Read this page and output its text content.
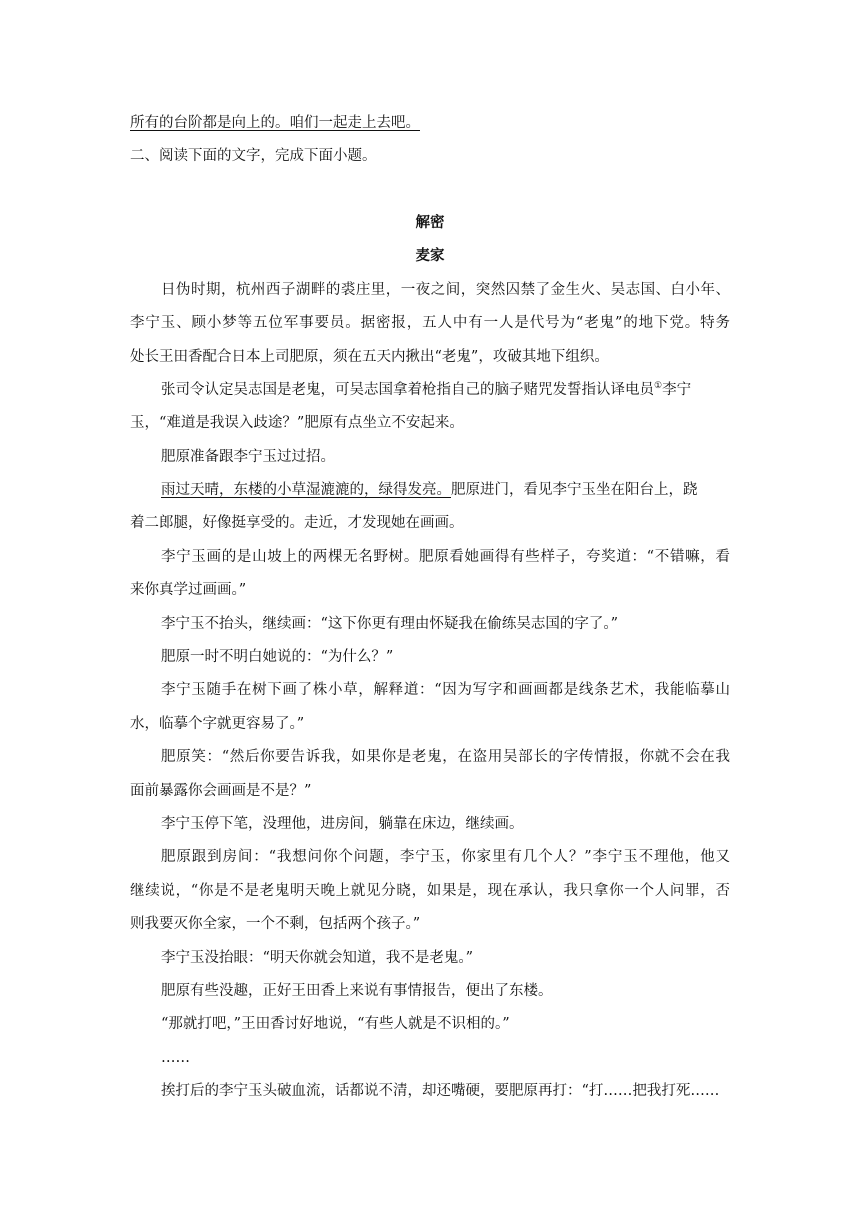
所有的台阶都是向上的。咱们一起走上去吧。
二、阅读下面的文字，完成下面小题。
解密
麦家
日伪时期，杭州西子湖畔的裘庄里，一夜之间，突然囚禁了金生火、吴志国、白小年、
李宁玉、顾小梦等五位军事要员。据密报，五人中有一人是代号为“老鬼”的地下党。特务
处长王田香配合日本上司肥原，须在五天内揪出“老鬼”，攻破其地下组织。
张司令认定吴志国是老鬼，可吴志国拿着枪指自己的脑子赌咒发誓指认译电员①李宁
玉，“难道是我误入歧途？”肥原有点坐立不安起来。
肥原准备跟李宁玉过过招。
雨过天晴，东楼的小草湿漉漉的，绿得发亮。肥原进门，看见李宁玉坐在阳台上，跷
着二郎腿，好像挺享受的。走近，才发现她在画画。
李宁玉画的是山坡上的两棵无名野树。肥原看她画得有些样子，夸奖道：“不错嘛，看
来你真学过画画。”
李宁玉不抬头，继续画：“这下你更有理由怀疑我在偷练吴志国的字了。”
肥原一时不明白她说的：“为什么？”
李宁玉随手在树下画了株小草，解释道：“因为写字和画画都是线条艺术，我能临摹山
水，临摹个字就更容易了。”
肥原笑：“然后你要告诉我，如果你是老鬼，在盗用吴部长的字传情报，你就不会在我
面前暴露你会画画是不是？”
李宁玉停下笔，没理他，进房间，躺靠在床边，继续画。
肥原跟到房间：“我想问你个问题，李宁玉，你家里有几个人？”李宁玉不理他，他又
继续说，“你是不是老鬼明天晚上就见分晓，如果是，现在承认，我只拿你一个人问罪，否
则我要灭你全家，一个不剩，包括两个孩子。”
李宁玉没抬眼：“明天你就会知道，我不是老鬼。”
肥原有些没趣，正好王田香上来说有事情报告，便出了东楼。
“那就打吧，”王田香讨好地说，“有些人就是不识相的。”
……
挨打后的李宁玉头破血流，话都说不清，却还嘴硬，要肥原再打：“打……把我打死……
